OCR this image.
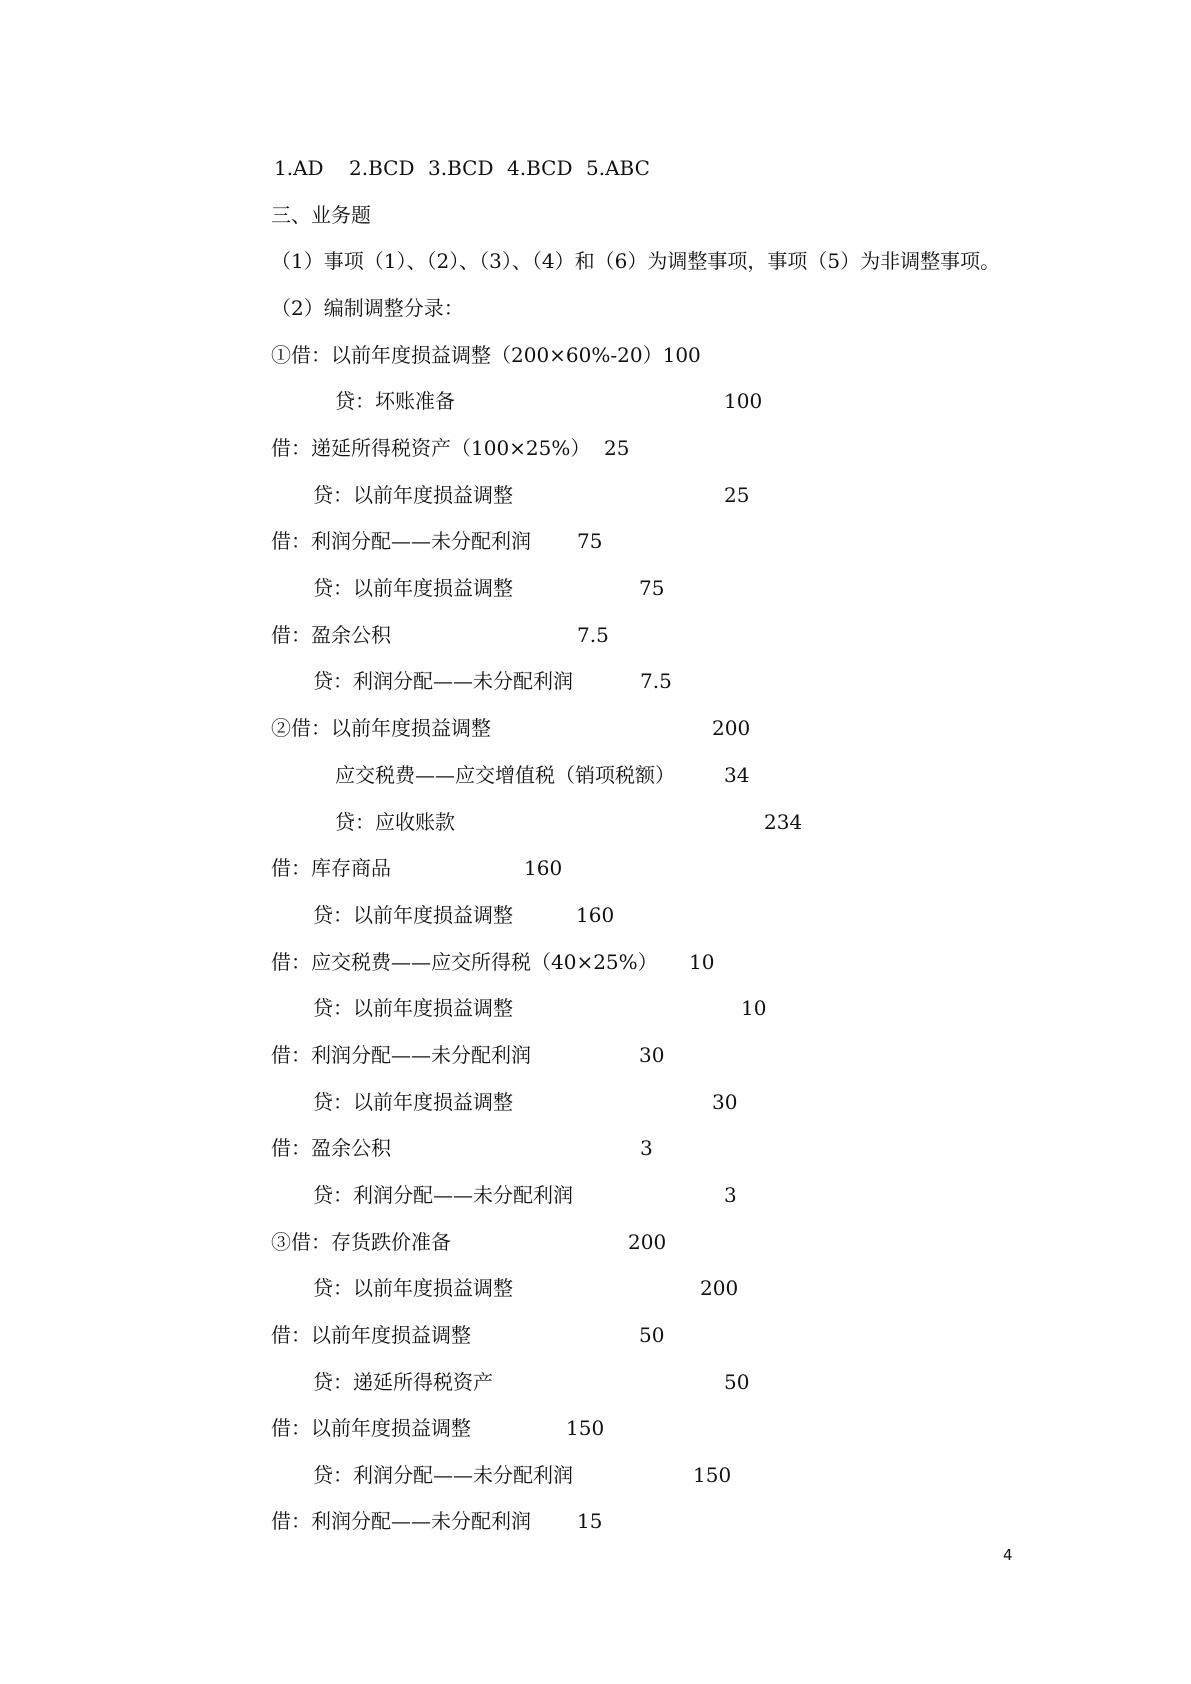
1.AD 2.BCD 3.BCD 4.BCD 5.ABC
三、业务题
（1）事项（1）、（2）、（3）、（4）和（6）为调整事项，事项（5）为非调整事项。
（2）编制调整分录：
①借：以前年度损益调整（200×60%-20）100
贷：坏账准备	100
借：递延所得税资产（100×25%） 25
贷：以前年度损益调整	25
借：利润分配——未分配利润 75
贷：以前年度损益调整	75
借：盈余公积	7.5
贷：利润分配——未分配利润	7.5
②借：以前年度损益调整	200
应交税费——应交增值税（销项税额） 34
贷：应收账款	234
借：库存商品	160
贷：以前年度损益调整	160
借：应交税费——应交所得税（40×25%） 10
贷：以前年度损益调整	10
借：利润分配——未分配利润	30
贷：以前年度损益调整	30
借：盈余公积	3
贷：利润分配——未分配利润	3
③借：存货跌价准备	200
贷：以前年度损益调整	200
借：以前年度损益调整	50
贷：递延所得税资产	50
借：以前年度损益调整	150
贷：利润分配——未分配利润	150
借：利润分配——未分配利润 15
4
